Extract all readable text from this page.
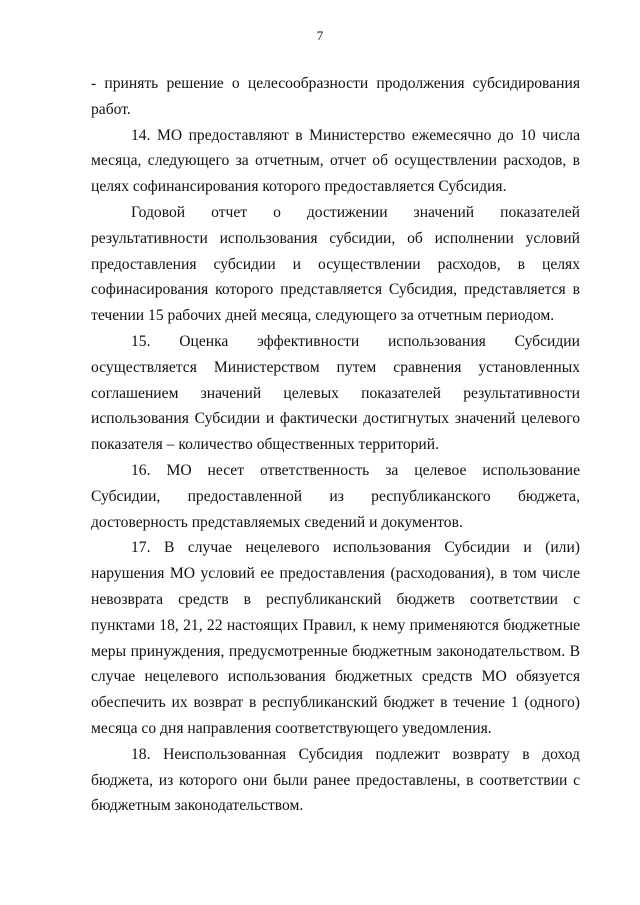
7

- принять решение о целесообразности продолжения субсидирования работ.

14. МО предоставляют в Министерство ежемесячно до 10 числа месяца, следующего за отчетным, отчет об осуществлении расходов, в целях софинансирования которого предоставляется Субсидия.

Годовой отчет о достижении значений показателей результативности использования субсидии, об исполнении условий предоставления субсидии и осуществлении расходов, в целях софинасирования которого представляется Субсидия, представляется в течении 15 рабочих дней месяца, следующего за отчетным периодом.

15. Оценка эффективности использования Субсидии осуществляется Министерством путем сравнения установленных соглашением значений целевых показателей результативности использования Субсидии и фактически достигнутых значений целевого показателя – количество общественных территорий.

16. МО несет ответственность за целевое использование Субсидии, предоставленной из республиканского бюджета, достоверность представляемых сведений и документов.

17. В случае нецелевого использования Субсидии и (или) нарушения МО условий ее предоставления (расходования), в том числе невозврата средств в республиканский бюджетв соответствии с пунктами 18, 21, 22 настоящих Правил, к нему применяются бюджетные меры принуждения, предусмотренные бюджетным законодательством. В случае нецелевого использования бюджетных средств МО обязуется обеспечить их возврат в республиканский бюджет в течение 1 (одного) месяца со дня направления соответствующего уведомления.

18. Неиспользованная Субсидия подлежит возврату в доход бюджета, из которого они были ранее предоставлены, в соответствии с бюджетным законодательством.
